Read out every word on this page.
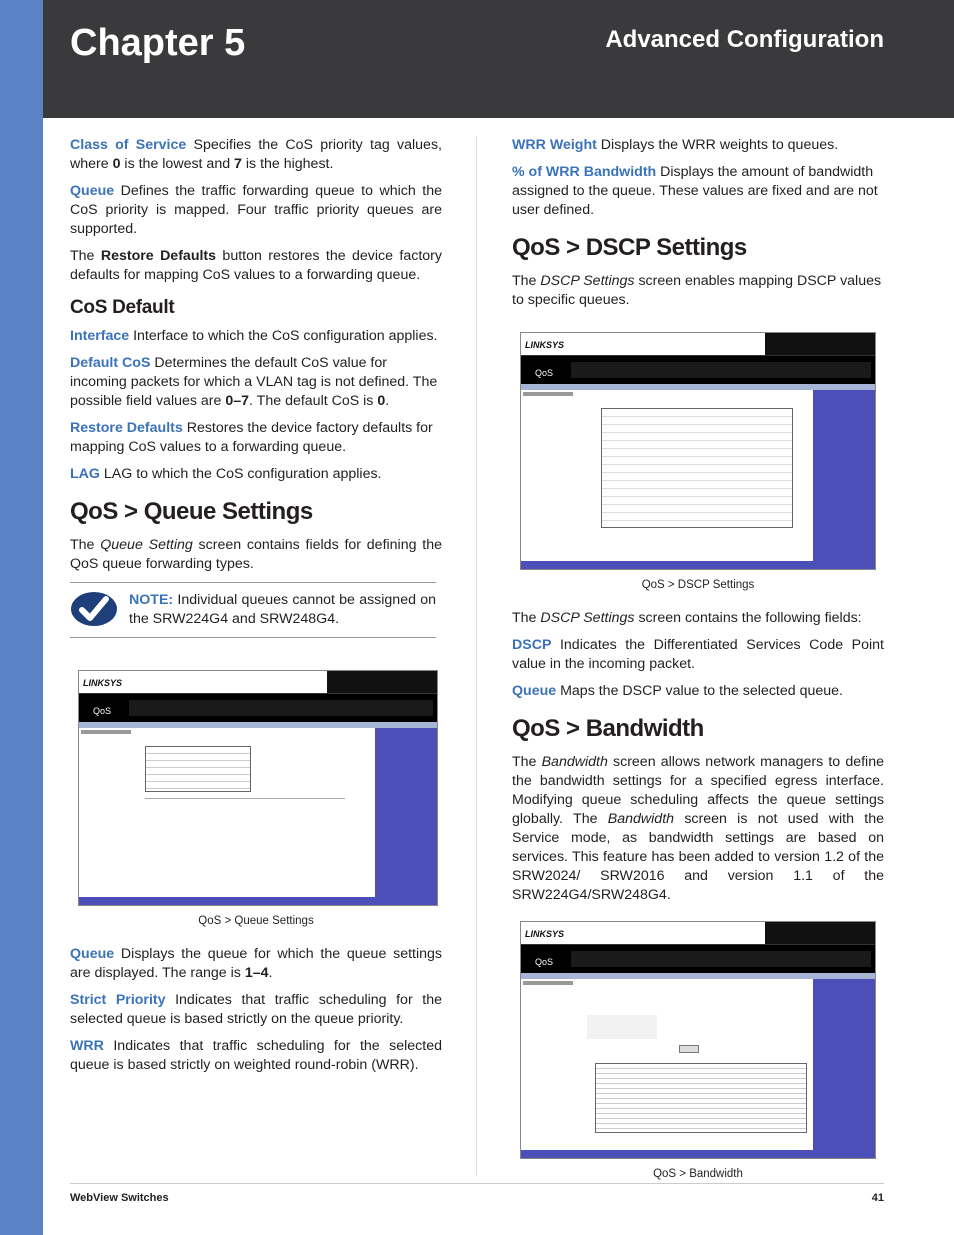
Chapter 5	Advanced Configuration

Class of Service Specifies the CoS priority tag values, where 0 is the lowest and 7 is the highest.

Queue Defines the traffic forwarding queue to which the CoS priority is mapped. Four traffic priority queues are supported.

The Restore Defaults button restores the device factory defaults for mapping CoS values to a forwarding queue.

CoS Default

Interface Interface to which the CoS configuration applies.

Default CoS Determines the default CoS value for incoming packets for which a VLAN tag is not defined. The possible field values are 0–7. The default CoS is 0.

Restore Defaults Restores the device factory defaults for mapping CoS values to a forwarding queue.

LAG LAG to which the CoS configuration applies.

QoS > Queue Settings

The Queue Setting screen contains fields for defining the QoS queue forwarding types.

NOTE: Individual queues cannot be assigned on the SRW224G4 and SRW248G4.
LINKSYS
QoS
QoS > Queue Settings

Queue Displays the queue for which the queue settings are displayed. The range is 1–4.

Strict Priority Indicates that traffic scheduling for the selected queue is based strictly on the queue priority.

WRR Indicates that traffic scheduling for the selected queue is based strictly on weighted round-robin (WRR).

WRR Weight Displays the WRR weights to queues.

% of WRR Bandwidth Displays the amount of bandwidth assigned to the queue. These values are fixed and are not user defined.

QoS > DSCP Settings

The DSCP Settings screen enables mapping DSCP values to specific queues.

LINKSYS
QoS
QoS > DSCP Settings

The DSCP Settings screen contains the following fields:

DSCP Indicates the Differentiated Services Code Point value in the incoming packet.

Queue Maps the DSCP value to the selected queue.

QoS > Bandwidth

The Bandwidth screen allows network managers to define the bandwidth settings for a specified egress interface. Modifying queue scheduling affects the queue settings globally. The Bandwidth screen is not used with the Service mode, as bandwidth settings are based on services. This feature has been added to version 1.2 of the SRW2024/ SRW2016 and version 1.1 of the SRW224G4/SRW248G4.

LINKSYS
QoS
QoS > Bandwidth
WebView Switches	41
